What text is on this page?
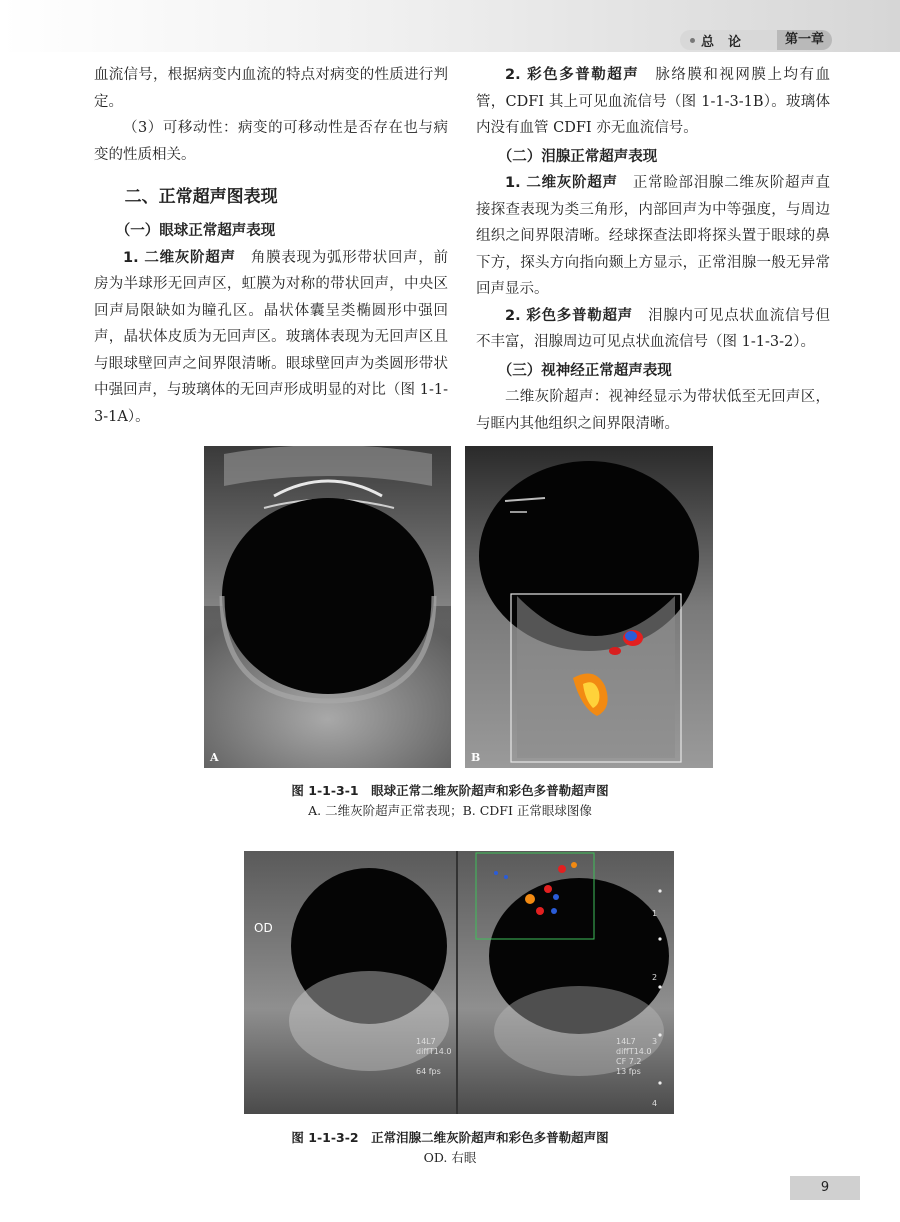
总论	第一章

血流信号，根据病变内血流的特点对病变的性质进行判定。

（3）可移动性：病变的可移动性是否存在也与病变的性质相关。

二、正常超声图表现

（一）眼球正常超声表现

1. 二维灰阶超声　角膜表现为弧形带状回声，前房为半球形无回声区，虹膜为对称的带状回声，中央区回声局限缺如为瞳孔区。晶状体囊呈类椭圆形中强回声，晶状体皮质为无回声区。玻璃体表现为无回声区且与眼球壁回声之间界限清晰。眼球壁回声为类圆形带状中强回声，与玻璃体的无回声形成明显的对比（图 1-1-3-1A）。

2. 彩色多普勒超声　脉络膜和视网膜上均有血管，CDFI 其上可见血流信号（图 1-1-3-1B）。玻璃体内没有血管 CDFI 亦无血流信号。

（二）泪腺正常超声表现

1. 二维灰阶超声　正常睑部泪腺二维灰阶超声直接探查表现为类三角形，内部回声为中等强度，与周边组织之间界限清晰。经球探查法即将探头置于眼球的鼻下方，探头方向指向颞上方显示，正常泪腺一般无异常回声显示。

2. 彩色多普勒超声　泪腺内可见点状血流信号但不丰富，泪腺周边可见点状血流信号（图 1-1-3-2）。

（三）视神经正常超声表现

二维灰阶超声：视神经显示为带状低至无回声区，与眶内其他组织之间界限清晰。

A	B
图 1-1-3-1　眼球正常二维灰阶超声和彩色多普勒超声图
A. 二维灰阶超声正常表现；B. CDFI 正常眼球图像
OD
14L7
diffT14.0
64 fps
14L7
diffT14.0
CF 7.2
13 fps
1
2
3
4
图 1-1-3-2　正常泪腺二维灰阶超声和彩色多普勒超声图
OD. 右眼
9
